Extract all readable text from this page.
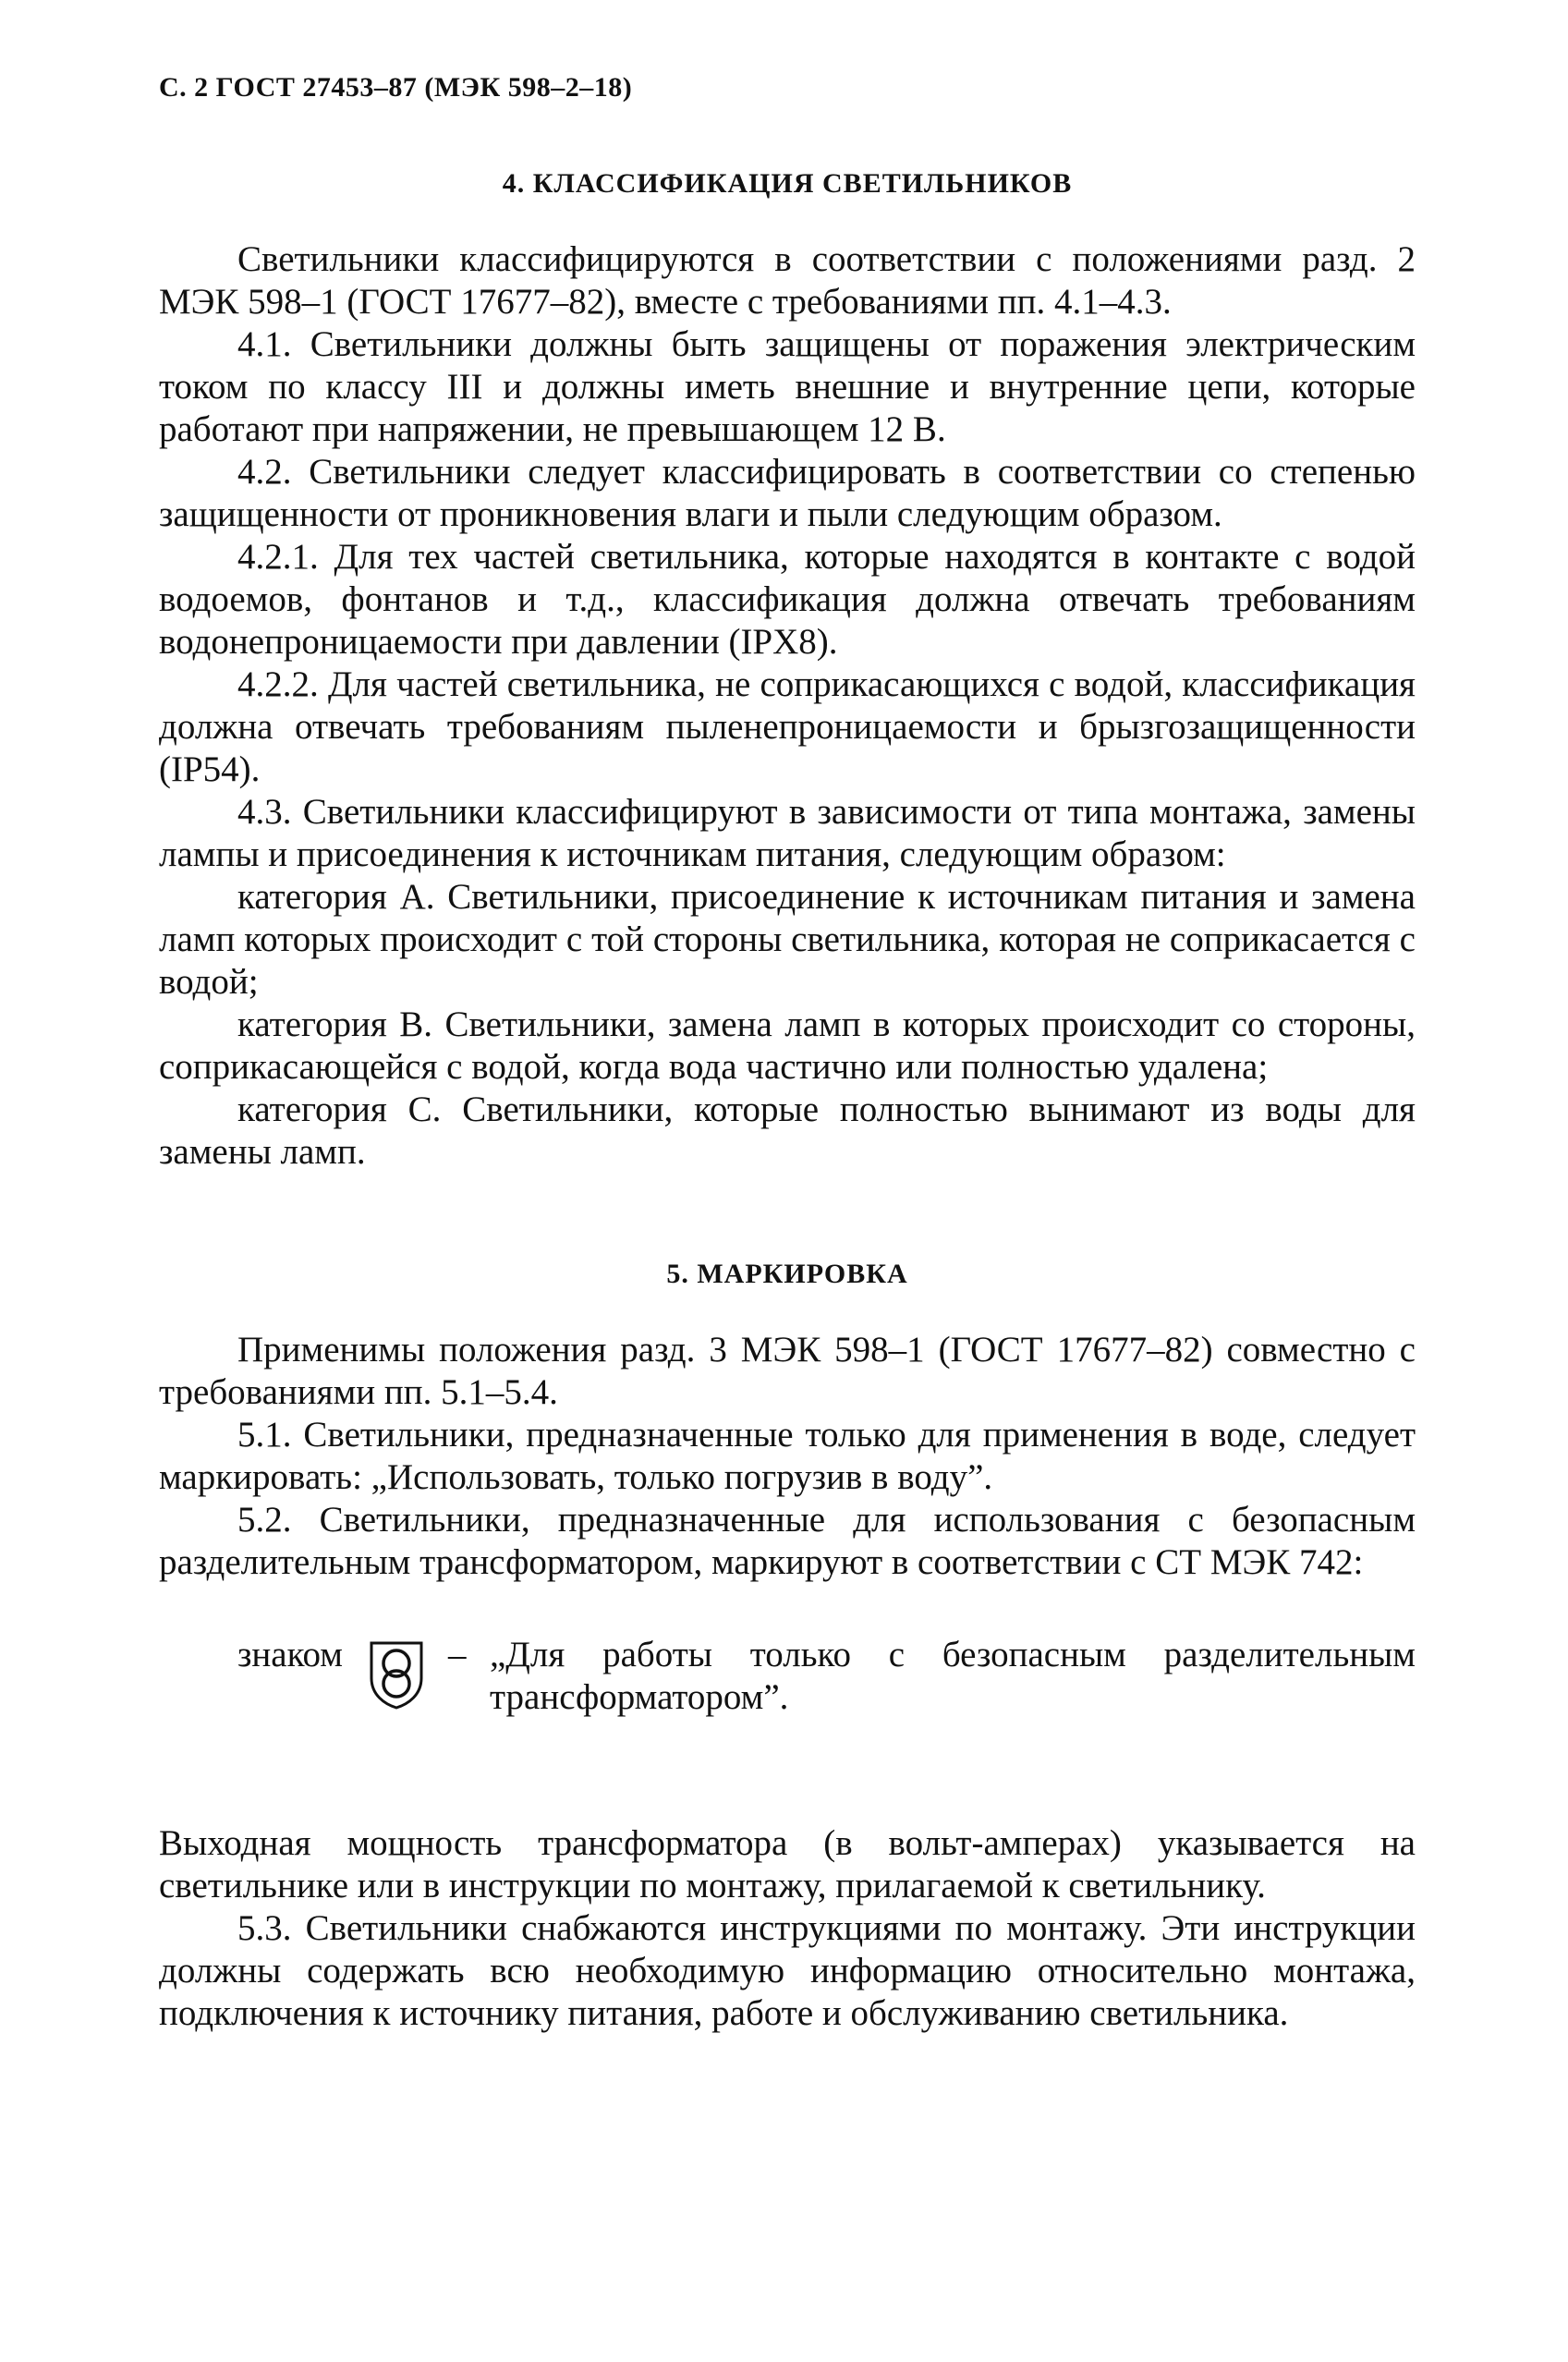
С. 2 ГОСТ 27453–87 (МЭК 598–2–18)
4. КЛАССИФИКАЦИЯ СВЕТИЛЬНИКОВ

Светильники классифицируются в соответствии с положениями разд. 2 МЭК 598–1 (ГОСТ 17677–82), вместе с требованиями пп. 4.1–4.3.

4.1. Светильники должны быть защищены от поражения электрическим током по классу III и должны иметь внешние и внутренние цепи, которые работают при напряжении, не превышающем 12 В.

4.2. Светильники следует классифицировать в соответствии со степенью защищенности от проникновения влаги и пыли следующим образом.

4.2.1. Для тех частей светильника, которые находятся в контакте с водой водоемов, фонтанов и т.д., классификация должна отвечать требованиям водонепроницаемости при давлении (IPX8).

4.2.2. Для частей светильника, не соприкасающихся с водой, классификация должна отвечать требованиям пыленепроницаемости и брызгозащищенности (IP54).

4.3. Светильники классифицируют в зависимости от типа монтажа, замены лампы и присоединения к источникам питания, следующим образом:

категория А. Светильники, присоединение к источникам питания и замена ламп которых происходит с той стороны светильника, которая не соприкасается с водой;

категория В. Светильники, замена ламп в которых происходит со стороны, соприкасающейся с водой, когда вода частично или полностью удалена;

категория С. Светильники, которые полностью вынимают из воды для замены ламп.

5. МАРКИРОВКА

Применимы положения разд. 3 МЭК 598–1 (ГОСТ 17677–82) совместно с требованиями пп. 5.1–5.4.

5.1. Светильники, предназначенные только для применения в воде, следует маркировать: „Использовать, только погрузив в воду”.

5.2. Светильники, предназначенные для использования с безопасным разделительным трансформатором, маркируют в соответствии с СТ МЭК 742:

знаком	– „Для работы только с безопасным разделительным трансформатором”.

Выходная мощность трансформатора (в вольт-амперах) указывается на светильнике или в инструкции по монтажу, прилагаемой к светильнику.

5.3. Светильники снабжаются инструкциями по монтажу. Эти инструкции должны содержать всю необходимую информацию относительно монтажа, подключения к источнику питания, работе и обслуживанию светильника.
